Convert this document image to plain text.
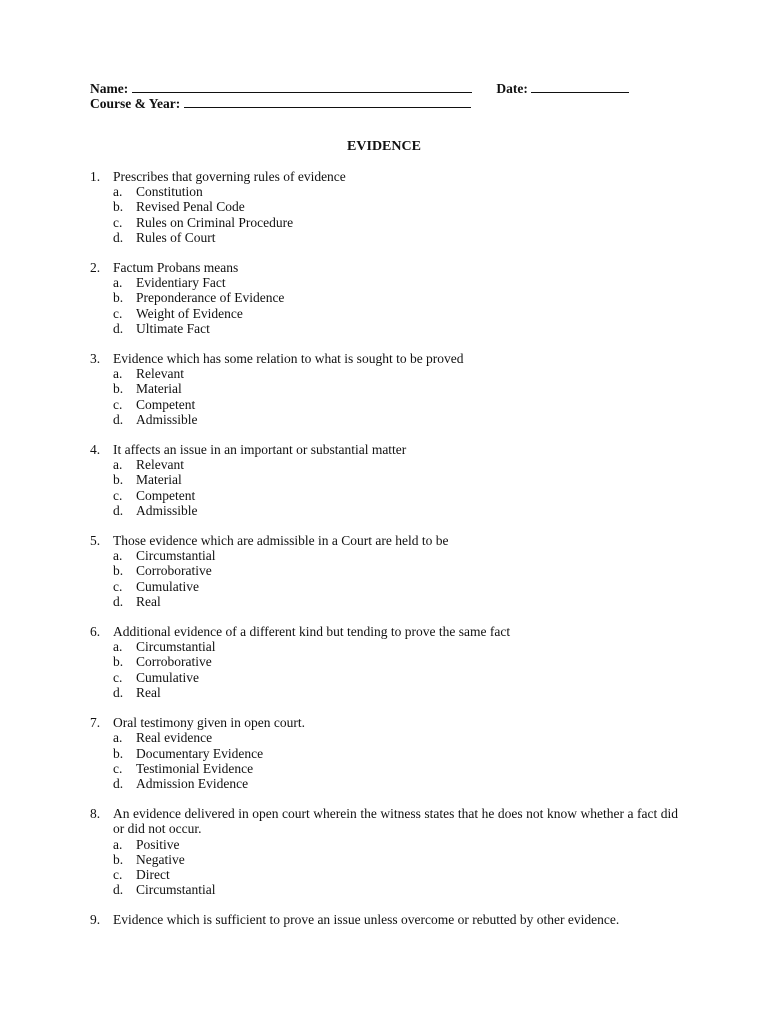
Name:	Date:
Course & Year:
EVIDENCE
1. Prescribes that governing rules of evidence
a. Constitution
b. Revised Penal Code
c. Rules on Criminal Procedure
d. Rules of Court
2. Factum Probans means
a. Evidentiary Fact
b. Preponderance of Evidence
c. Weight of Evidence
d. Ultimate Fact
3. Evidence which has some relation to what is sought to be proved
a. Relevant
b. Material
c. Competent
d. Admissible
4. It affects an issue in an important or substantial matter
a. Relevant
b. Material
c. Competent
d. Admissible
5. Those evidence which are admissible in a Court are held to be
a. Circumstantial
b. Corroborative
c. Cumulative
d. Real
6. Additional evidence of a different kind but tending to prove the same fact
a. Circumstantial
b. Corroborative
c. Cumulative
d. Real
7. Oral testimony given in open court.
a. Real evidence
b. Documentary Evidence
c. Testimonial Evidence
d. Admission Evidence
8. An evidence delivered in open court wherein the witness states that he does not know whether a fact did or did not occur.
a. Positive
b. Negative
c. Direct
d. Circumstantial
9. Evidence which is sufficient to prove an issue unless overcome or rebutted by other evidence.
